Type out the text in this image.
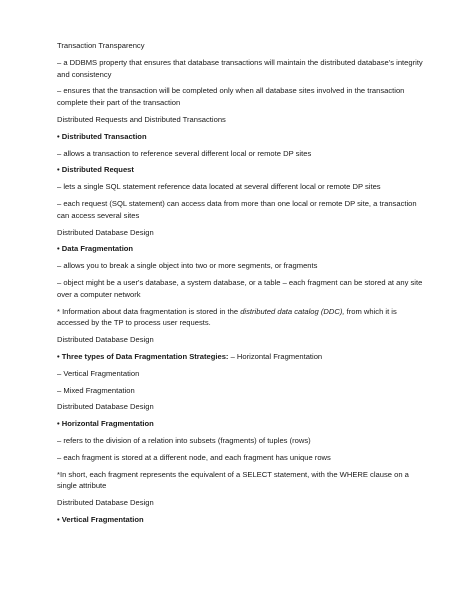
Transaction Transparency

– a DDBMS property that ensures that database transactions will maintain the distributed database's integrity and consistency

– ensures that the transaction will be completed only when all database sites involved in the transaction complete their part of the transaction

Distributed Requests and Distributed Transactions

• Distributed Transaction

– allows a transaction to reference several different local or remote DP sites

• Distributed Request

– lets a single SQL statement reference data located at several different local or remote DP sites

– each request (SQL statement) can access data from more than one local or remote DP site, a transaction can access several sites

Distributed Database Design

• Data Fragmentation

– allows you to break a single object into two or more segments, or fragments

– object might be a user's database, a system database, or a table – each fragment can be stored at any site over a computer network

* Information about data fragmentation is stored in the distributed data catalog (DDC), from which it is accessed by the TP to process user requests.

Distributed Database Design

• Three types of Data Fragmentation Strategies: – Horizontal Fragmentation

– Vertical Fragmentation

– Mixed Fragmentation

Distributed Database Design

• Horizontal Fragmentation

– refers to the division of a relation into subsets (fragments) of tuples (rows)

– each fragment is stored at a different node, and each fragment has unique rows

*In short, each fragment represents the equivalent of a SELECT statement, with the WHERE clause on a single attribute

Distributed Database Design

• Vertical Fragmentation
